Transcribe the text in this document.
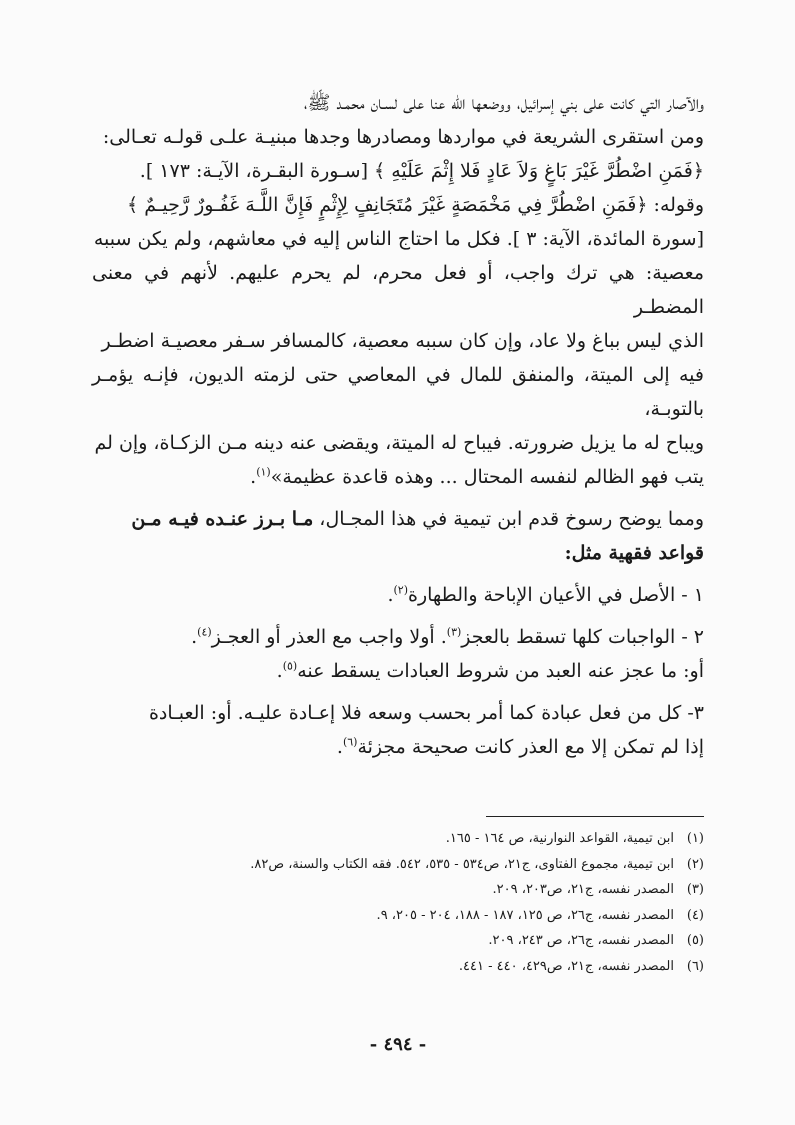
والآصار التي كانت على بني إسرائيل، ووضعها الله عنا على لسـان محمـد ﷺ،

ومن استقرى الشريعة في مواردها ومصادرها وجدها مبنيـة علـى قولـه تعـالى:

﴿فَمَنِ اضْطُرَّ غَيْرَ بَاغٍ وَلاَ عَادٍ فَلا إِثْمَ عَلَيْهِ ﴾ [سـورة البقـرة، الآيـة: ١٧٣ ].

وقوله: ﴿فَمَنِ اضْطُرَّ فِي مَخْمَصَةٍ غَيْرَ مُتَجَانِفٍ لِإِثْمٍ فَإِنَّ اللَّـهَ غَفُـورٌ رَّحِيـمٌ ﴾

[سورة المائدة، الآية: ٣ ]. فكل ما احتاج الناس إليه في معاشهم، ولم يكن سببه

معصية: هي ترك واجب، أو فعل محرم، لم يحرم عليهم. لأنهم في معنى المضطـر

الذي ليس بباغ ولا عاد، وإن كان سببه معصية، كالمسافر سـفر معصيـة اضطـر

فيه إلى الميتة، والمنفق للمال في المعاصي حتى لزمته الديون، فإنـه يؤمـر بالتوبـة،

ويباح له ما يزيل ضرورته. فيباح له الميتة، ويقضى عنه دينه مـن الزكـاة، وإن لم

يتب فهو الظالم لنفسه المحتال ... وهذه قاعدة عظيمة»$^{(١)}$.

ومما يوضح رسوخ قدم ابن تيمية في هذا المجـال، مـا بـرز عنـده فيـه مـن

قواعد فقهية مثل:

١ - الأصل في الأعيان الإباحة والطهارة$^{(٢)}$.

٢ - الواجبات كلها تسقط بالعجز$^{(٣)}$. أولا واجب مع العذر أو العجـز$^{(٤)}$.

أو: ما عجز عنه العبد من شروط العبادات يسقط عنه$^{(٥)}$.

٣- كل من فعل عبادة كما أمر بحسب وسعه فلا إعـادة عليـه. أو: العبـادة

إذا لم تمكن إلا مع العذر كانت صحيحة مجزئة$^{(٦)}$.

(١)
ابن تيمية، القواعد النوارنية، ص ١٦٤ - ١٦٥.
(٢)
ابن تيمية، مجموع الفتاوى، ج٢١، ص٥٣٤ - ٥٣٥، ٥٤٢. فقه الكتاب والسنة، ص٨٢.
(٣)
المصدر نفسه، ج٢١، ص٢٠٣، ٢٠٩.
(٤)
المصدر نفسه، ج٢٦، ص ١٢٥، ١٨٧ - ١٨٨، ٢٠٤ - ٢٠٥، ٩.
(٥)
المصدر نفسه، ج٢٦، ص ٢٤٣، ٢٠٩.
(٦)
المصدر نفسه، ج٢١، ص٤٢٩، ٤٤٠ - ٤٤١.
- ٤٩٤ -
